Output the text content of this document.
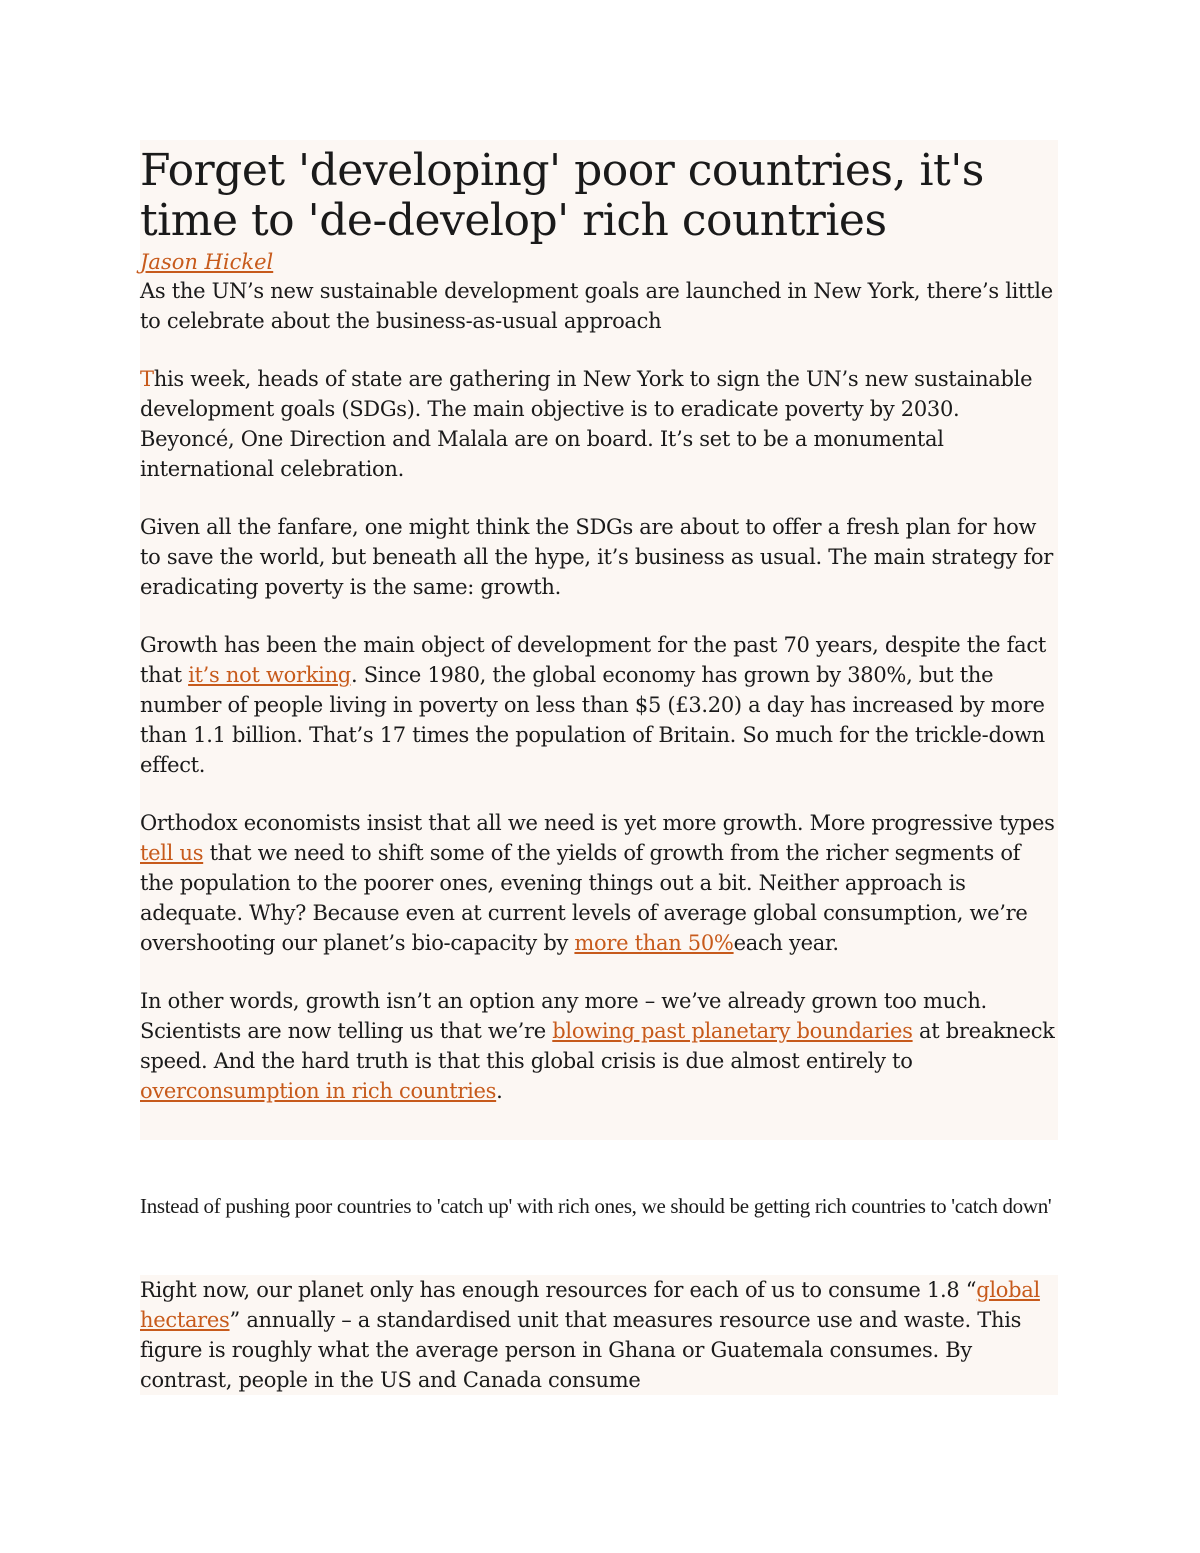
Forget 'developing' poor countries, it's time to 'de-develop' rich countries
Jason Hickel

As the UN’s new sustainable development goals are launched in New York, there’s little to celebrate about the business-as-usual approach

This week, heads of state are gathering in New York to sign the UN’s new sustainable development goals (SDGs). The main objective is to eradicate poverty by 2030. Beyoncé, One Direction and Malala are on board. It’s set to be a monumental international celebration.

Given all the fanfare, one might think the SDGs are about to offer a fresh plan for how to save the world, but beneath all the hype, it’s business as usual. The main strategy for eradicating poverty is the same: growth.

Growth has been the main object of development for the past 70 years, despite the fact that it’s not working. Since 1980, the global economy has grown by 380%, but the number of people living in poverty on less than $5 (£3.20) a day has increased by more than 1.1 billion. That’s 17 times the population of Britain. So much for the trickle-down effect.

Orthodox economists insist that all we need is yet more growth. More progressive types tell us that we need to shift some of the yields of growth from the richer segments of the population to the poorer ones, evening things out a bit. Neither approach is adequate. Why? Because even at current levels of average global consumption, we’re overshooting our planet’s bio-capacity by more than 50%each year.

In other words, growth isn’t an option any more – we’ve already grown too much. Scientists are now telling us that we’re blowing past planetary boundaries at breakneck speed. And the hard truth is that this global crisis is due almost entirely to overconsumption in rich countries.

Instead of pushing poor countries to 'catch up' with rich ones, we should be getting rich countries to 'catch down'

Right now, our planet only has enough resources for each of us to consume 1.8 “global hectares” annually – a standardised unit that measures resource use and waste. This figure is roughly what the average person in Ghana or Guatemala consumes. By contrast, people in the US and Canada consume
